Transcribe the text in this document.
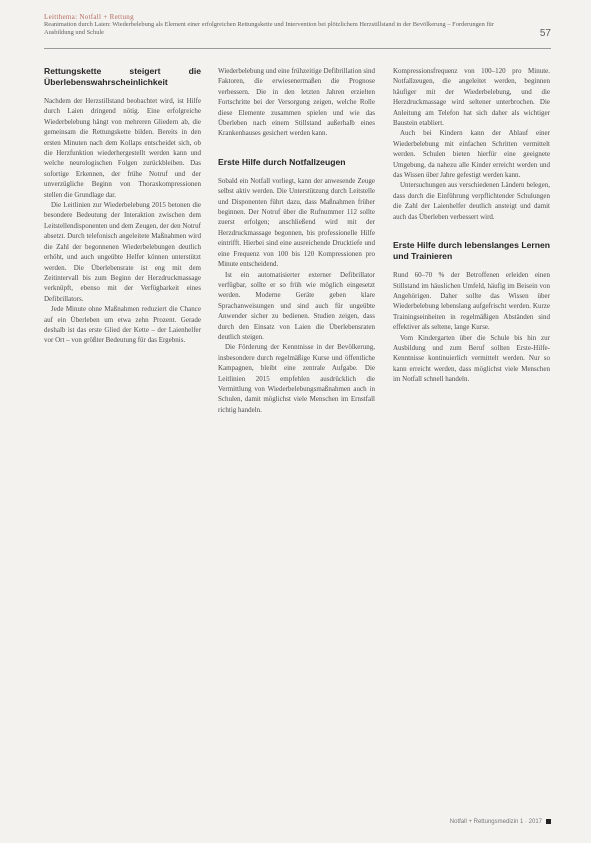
Leitthema: Notfall + Rettung
Reanimation durch Laien: Wiederbelebung als Element einer erfolgreichen Rettungskette und Intervention bei plötzlichem Herzstillstand in der Bevölkerung – Forderungen für Ausbildung und Schule	57
Rettungskette steigert die Überlebenswahrscheinlichkeit

Nachdem der Herzstillstand beobachtet wird, ist Hilfe durch Laien dringend nötig. Eine erfolgreiche Wiederbelebung hängt von mehreren Gliedern ab, die gemeinsam die Rettungskette bilden. Bereits in den ersten Minuten nach dem Kollaps entscheidet sich, ob die Herzfunktion wiederhergestellt werden kann und welche neurologischen Folgen zurückbleiben. Das sofortige Erkennen, der frühe Notruf und der unverzügliche Beginn von Thoraxkompressionen stellen die Grundlage dar.

Die Leitlinien zur Wiederbelebung 2015 betonen die besondere Bedeutung der Interaktion zwischen dem Leitstellendisponenten und dem Zeugen, der den Notruf absetzt. Durch telefonisch angeleitete Maßnahmen wird die Zahl der begonnenen Wiederbelebungen deutlich erhöht, und auch ungeübte Helfer können unterstützt werden. Die Überlebensrate ist eng mit dem Zeitintervall bis zum Beginn der Herzdruckmassage verknüpft, ebenso mit der Verfügbarkeit eines Defibrillators.

Jede Minute ohne Maßnahmen reduziert die Chance auf ein Überleben um etwa zehn Prozent. Gerade deshalb ist das erste Glied der Kette – der Laienhelfer vor Ort – von größter Bedeutung für das Ergebnis.

Wiederbelebung und eine frühzeitige Defibrillation sind Faktoren, die erwiesenermaßen die Prognose verbessern. Die in den letzten Jahren erzielten Fortschritte bei der Versorgung zeigen, welche Rolle diese Elemente zusammen spielen und wie das Überleben nach einem Stillstand außerhalb eines Krankenhauses gesichert werden kann.

Erste Hilfe durch Notfallzeugen

Sobald ein Notfall vorliegt, kann der anwesende Zeuge selbst aktiv werden. Die Unterstützung durch Leitstelle und Disponenten führt dazu, dass Maßnahmen früher beginnen. Der Notruf über die Rufnummer 112 sollte zuerst erfolgen; anschließend wird mit der Herzdruckmassage begonnen, bis professionelle Hilfe eintrifft. Hierbei sind eine ausreichende Drucktiefe und eine Frequenz von 100 bis 120 Kompressionen pro Minute entscheidend.

Ist ein automatisierter externer Defibrillator verfügbar, sollte er so früh wie möglich eingesetzt werden. Moderne Geräte geben klare Sprachanweisungen und sind auch für ungeübte Anwender sicher zu bedienen. Studien zeigen, dass durch den Einsatz von Laien die Überlebensraten deutlich steigen.

Die Förderung der Kenntnisse in der Bevölkerung, insbesondere durch regelmäßige Kurse und öffentliche Kampagnen, bleibt eine zentrale Aufgabe. Die Leitlinien 2015 empfehlen ausdrücklich die Vermittlung von Wiederbelebungsmaßnahmen auch in Schulen, damit möglichst viele Menschen im Ernstfall richtig handeln.

Kompressionsfrequenz von 100–120 pro Minute. Notfallzeugen, die angeleitet werden, beginnen häufiger mit der Wiederbelebung, und die Herzdruckmassage wird seltener unterbrochen. Die Anleitung am Telefon hat sich daher als wichtiger Baustein etabliert.

Auch bei Kindern kann der Ablauf einer Wiederbelebung mit einfachen Schritten vermittelt werden. Schulen bieten hierfür eine geeignete Umgebung, da nahezu alle Kinder erreicht werden und das Wissen über Jahre gefestigt werden kann.

Untersuchungen aus verschiedenen Ländern belegen, dass durch die Einführung verpflichtender Schulungen die Zahl der Laienhelfer deutlich ansteigt und damit auch das Überleben verbessert wird.

Erste Hilfe durch lebenslanges Lernen und Trainieren

Rund 60–70 % der Betroffenen erleiden einen Stillstand im häuslichen Umfeld, häufig im Beisein von Angehörigen. Daher sollte das Wissen über Wiederbelebung lebenslang aufgefrischt werden. Kurze Trainingseinheiten in regelmäßigen Abständen sind effektiver als seltene, lange Kurse.

Vom Kindergarten über die Schule bis hin zur Ausbildung und zum Beruf sollten Erste-Hilfe-Kenntnisse kontinuierlich vermittelt werden. Nur so kann erreicht werden, dass möglichst viele Menschen im Notfall schnell handeln.

Notfall + Rettungsmedizin 1 · 2017
